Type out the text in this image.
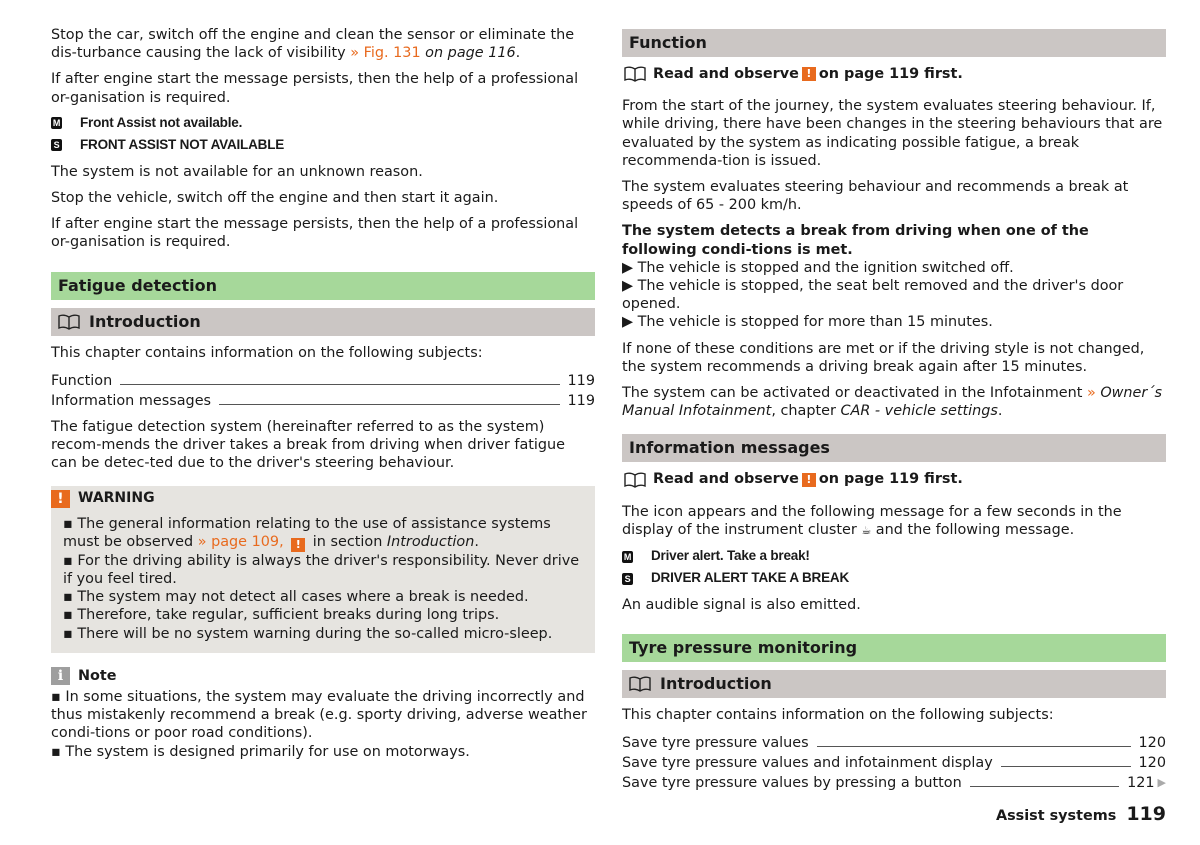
Stop the car, switch off the engine and clean the sensor or eliminate the dis-turbance causing the lack of visibility » Fig. 131 on page 116.

If after engine start the message persists, then the help of a professional or-ganisation is required.

M Front Assist not available.
S FRONT ASSIST NOT AVAILABLE

The system is not available for an unknown reason.

Stop the vehicle, switch off the engine and then start it again.

If after engine start the message persists, then the help of a professional or-ganisation is required.

Fatigue detection
Introduction

This chapter contains information on the following subjects:

Function	119
Information messages	119

The fatigue detection system (hereinafter referred to as the system) recom-mends the driver takes a break from driving when driver fatigue can be detec-ted due to the driver's steering behaviour.

!	WARNING

▪ The general information relating to the use of assistance systems must be observed » page 109, ! in section Introduction.

▪ For the driving ability is always the driver's responsibility. Never drive if you feel tired.

▪ The system may not detect all cases where a break is needed.

▪ Therefore, take regular, sufficient breaks during long trips.

▪ There will be no system warning during the so-called micro-sleep.

i	Note

▪ In some situations, the system may evaluate the driving incorrectly and thus mistakenly recommend a break (e.g. sporty driving, adverse weather condi-tions or poor road conditions).

▪ The system is designed primarily for use on motorways.

Function
Read and observe ! on page 119 first.

From the start of the journey, the system evaluates steering behaviour. If, while driving, there have been changes in the steering behaviours that are evaluated by the system as indicating possible fatigue, a break recommenda-tion is issued.

The system evaluates steering behaviour and recommends a break at speeds of 65 - 200 km/h.

The system detects a break from driving when one of the following condi-tions is met.

▶ The vehicle is stopped and the ignition switched off.

▶ The vehicle is stopped, the seat belt removed and the driver's door opened.

▶ The vehicle is stopped for more than 15 minutes.

If none of these conditions are met or if the driving style is not changed, the system recommends a driving break again after 15 minutes.

The system can be activated or deactivated in the Infotainment » Owner´s Manual Infotainment, chapter CAR - vehicle settings.

Information messages
Read and observe ! on page 119 first.

The icon appears and the following message for a few seconds in the display of the instrument cluster ☕ and the following message.

M Driver alert. Take a break!
S DRIVER ALERT TAKE A BREAK

An audible signal is also emitted.

Tyre pressure monitoring
Introduction

This chapter contains information on the following subjects:

Save tyre pressure values	120
Save tyre pressure values and infotainment display	120
Save tyre pressure values by pressing a button	121 ▶
Assist systems 119
